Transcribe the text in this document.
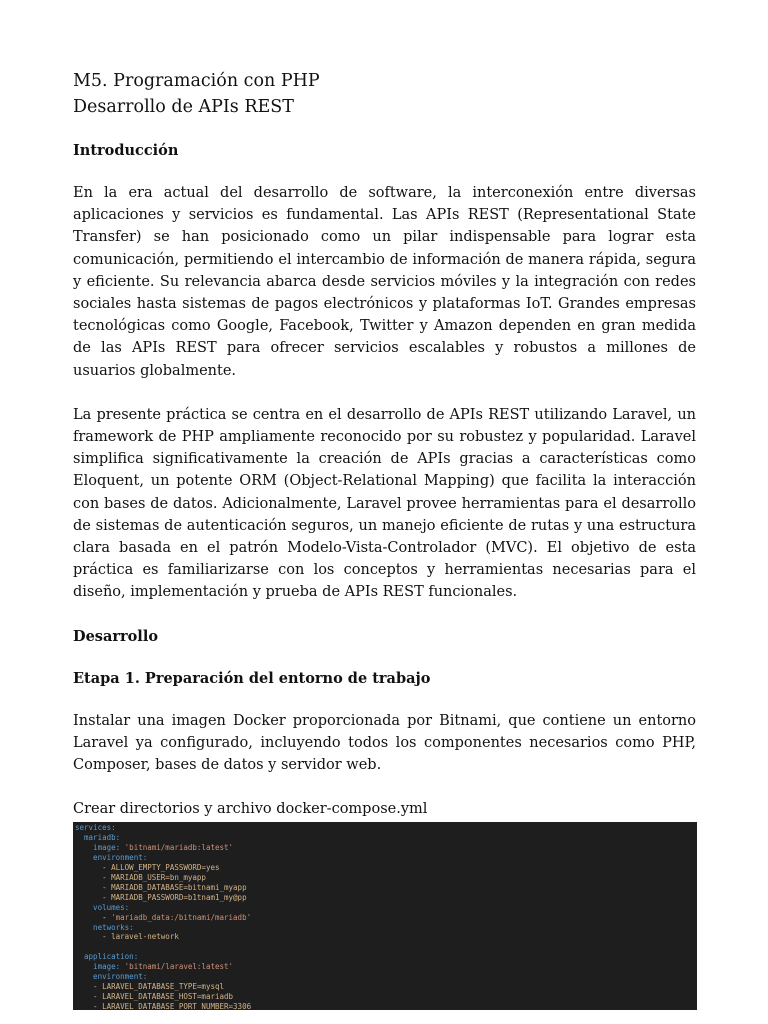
M5. Programación con PHP
Desarrollo de APIs REST
Introducción

En la era actual del desarrollo de software, la interconexión entre diversas aplicaciones y servicios es fundamental. Las APIs REST (Representational State Transfer) se han posicionado como un pilar indispensable para lograr esta comunicación, permitiendo el intercambio de información de manera rápida, segura y eficiente. Su relevancia abarca desde servicios móviles y la integración con redes sociales hasta sistemas de pagos electrónicos y plataformas IoT. Grandes empresas tecnológicas como Google, Facebook, Twitter y Amazon dependen en gran medida de las APIs REST para ofrecer servicios escalables y robustos a millones de usuarios globalmente.

La presente práctica se centra en el desarrollo de APIs REST utilizando Laravel, un framework de PHP ampliamente reconocido por su robustez y popularidad. Laravel simplifica significativamente la creación de APIs gracias a características como Eloquent, un potente ORM (Object-Relational Mapping) que facilita la interacción con bases de datos. Adicionalmente, Laravel provee herramientas para el desarrollo de sistemas de autenticación seguros, un manejo eficiente de rutas y una estructura clara basada en el patrón Modelo-Vista-Controlador (MVC). El objetivo de esta práctica es familiarizarse con los conceptos y herramientas necesarias para el diseño, implementación y prueba de APIs REST funcionales.

Desarrollo
Etapa 1. Preparación del entorno de trabajo

Instalar una imagen Docker proporcionada por Bitnami, que contiene un entorno Laravel ya configurado, incluyendo todos los componentes necesarios como PHP, Composer, bases de datos y servidor web.

Crear directorios y archivo docker-compose.yml

services:
mariadb:
image: 'bitnami/mariadb:latest'
environment:
- ALLOW_EMPTY_PASSWORD=yes
- MARIADB_USER=bn_myapp
- MARIADB_DATABASE=bitnami_myapp
- MARIADB_PASSWORD=b1tnam1_my@pp
volumes:
- 'mariadb_data:/bitnami/mariadb'
networks:
- laravel-network

application:
image: 'bitnami/laravel:latest'
environment:
- LARAVEL_DATABASE_TYPE=mysql
- LARAVEL_DATABASE_HOST=mariadb
- LARAVEL_DATABASE_PORT_NUMBER=3306
